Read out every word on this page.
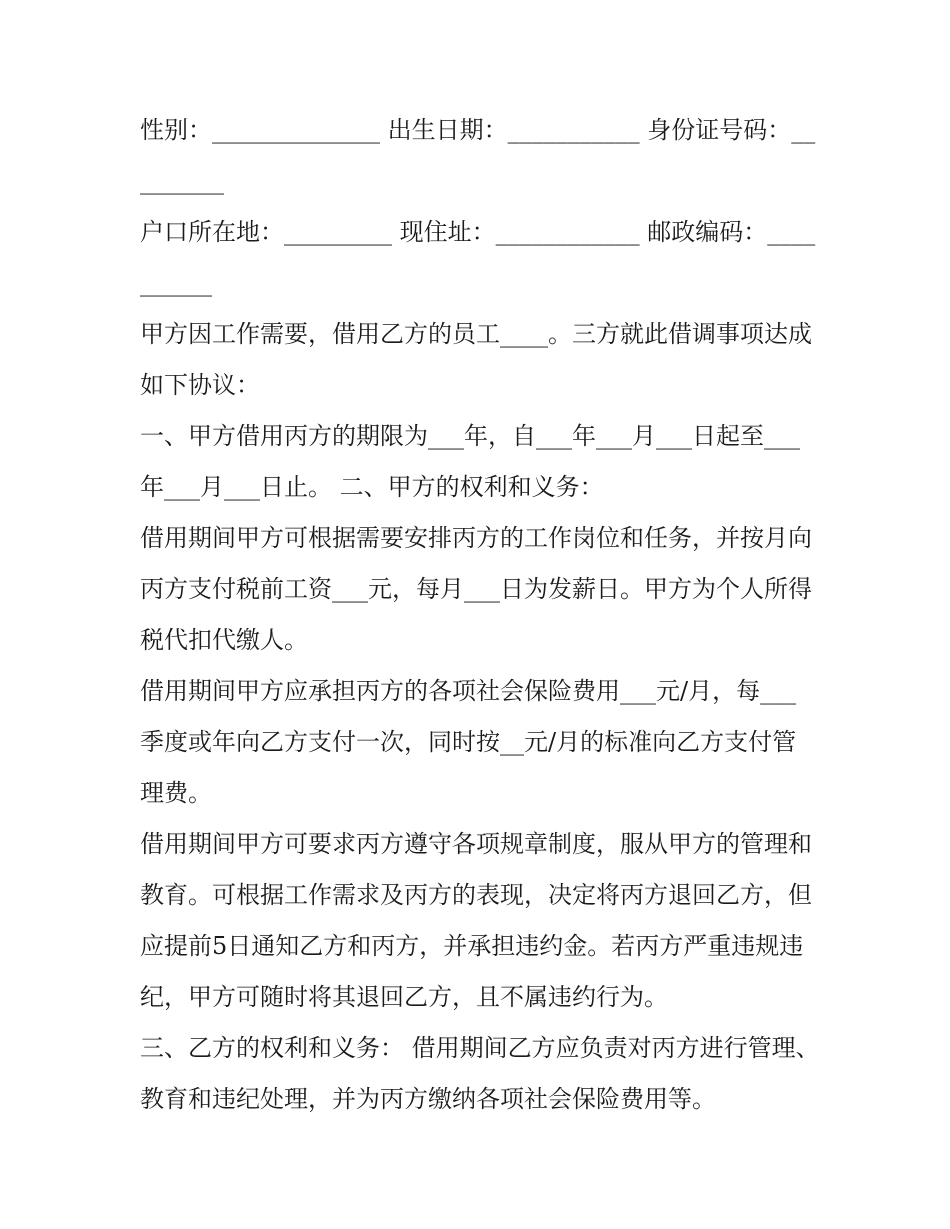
性别：______________ 出生日期：___________ 身份证号码：_________

户口所在地：_________ 现住址：____________ 邮政编码：__________

甲方因工作需要，借用乙方的员工____。三方就此借调事项达成如下协议：

一、甲方借用丙方的期限为___年，自___年___月___日起至___年___月___日止。 二、甲方的权利和义务：

借用期间甲方可根据需要安排丙方的工作岗位和任务，并按月向丙方支付税前工资___元，每月___日为发薪日。甲方为个人所得税代扣代缴人。

借用期间甲方应承担丙方的各项社会保险费用___元/月，每___季度或年向乙方支付一次，同时按__元/月的标准向乙方支付管理费。

借用期间甲方可要求丙方遵守各项规章制度，服从甲方的管理和教育。可根据工作需求及丙方的表现，决定将丙方退回乙方，但应提前5日通知乙方和丙方，并承担违约金。若丙方严重违规违纪，甲方可随时将其退回乙方，且不属违约行为。

三、乙方的权利和义务： 借用期间乙方应负责对丙方进行管理、教育和违纪处理，并为丙方缴纳各项社会保险费用等。
